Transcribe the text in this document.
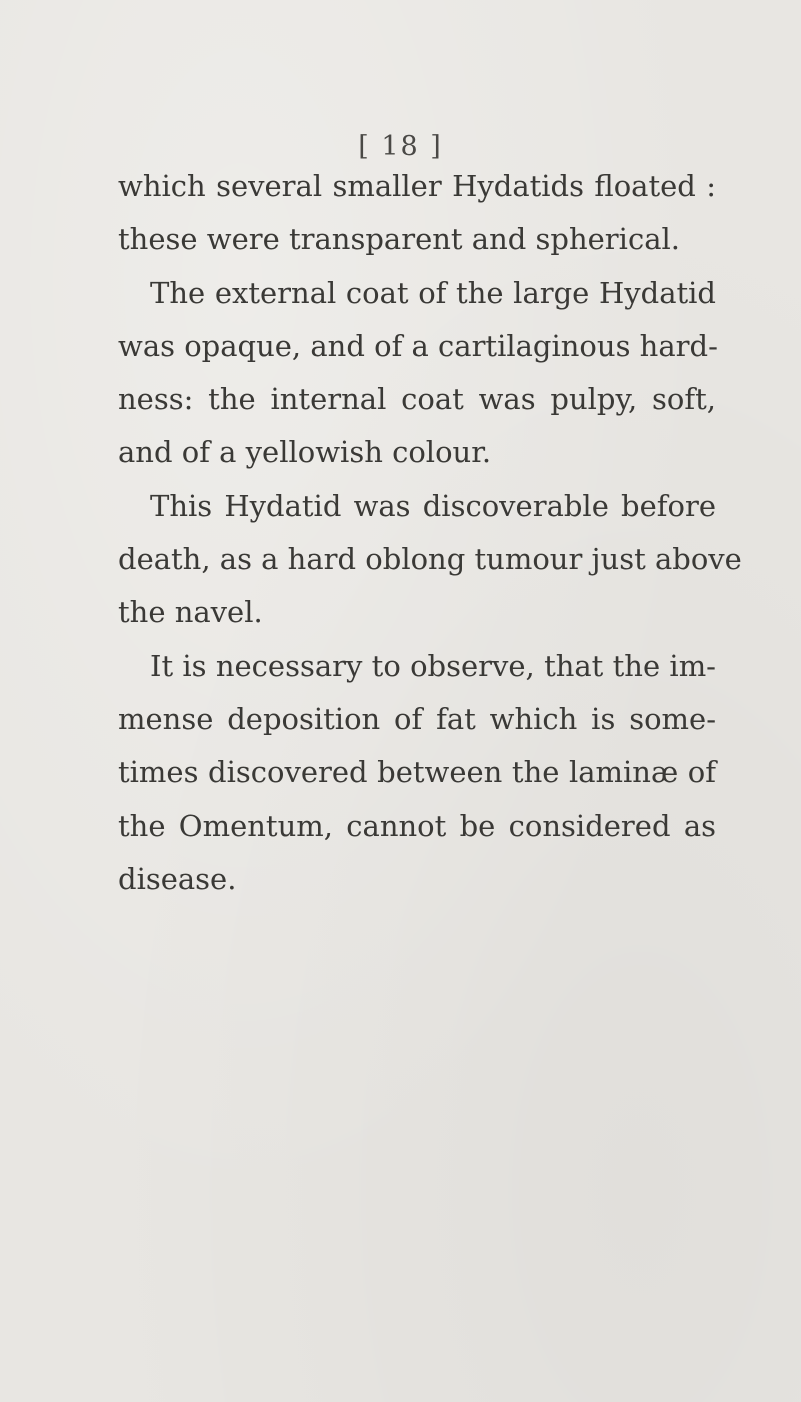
[ 18 ]
which several smaller Hydatids floated :
these were transparent and spherical.
The external coat of the large Hydatid
was opaque, and of a cartilaginous hard-
ness: the internal coat was pulpy, soft,
and of a yellowish colour.
This Hydatid was discoverable before
death, as a hard oblong tumour just above
the navel.
It is necessary to observe, that the im-
mense deposition of fat which is some-
times discovered between the laminæ of
the Omentum, cannot be considered as
disease.
